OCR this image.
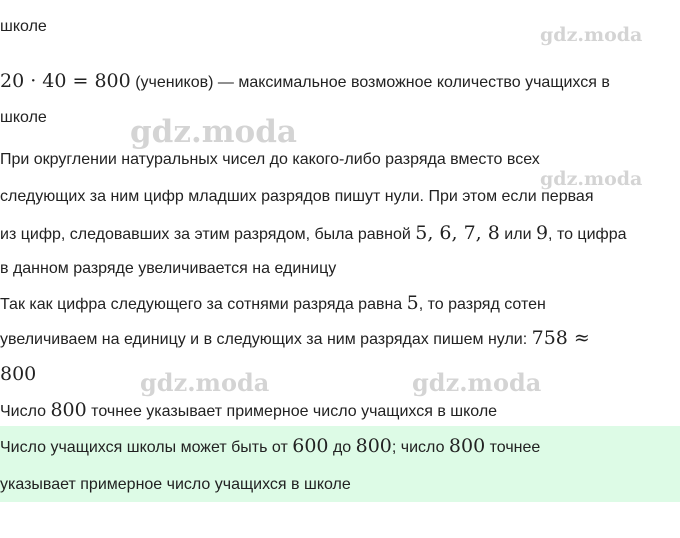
школе
20 · 40 = 800 (учеников) — максимальное возможное количество учащихся в
школе
При округлении натуральных чисел до какого-либо разряда вместо всех
следующих за ним цифр младших разрядов пишут нули. При этом если первая
из цифр, следовавших за этим разрядом, была равной 5, 6, 7, 8 или 9, то цифра
в данном разряде увеличивается на единицу
Так как цифра следующего за сотнями разряда равна 5, то разряд сотен
увеличиваем на единицу и в следующих за ним разрядах пишем нули: 758 ≈
800
Число 800 точнее указывает примерное число учащихся в школе
Число учащихся школы может быть от 600 до 800; число 800 точнее
указывает примерное число учащихся в школе
gdz.moda
gdz.moda
gdz.moda
gdz.moda	gdz.moda
